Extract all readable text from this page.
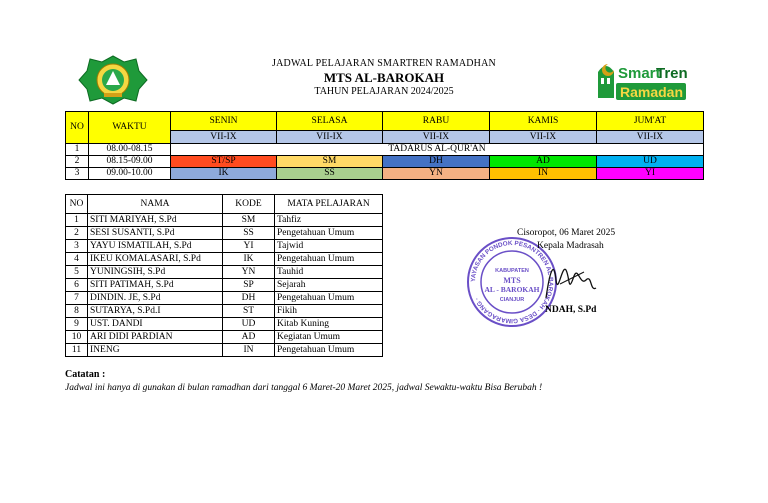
JADWAL PELAJARAN SMARTREN RAMADHAN
MTS AL-BAROKAH
TAHUN PELAJARAN 2024/2025
Smart
Tren
Ramadan
NO	WAKTU	SENIN	SELASA	RABU	KAMIS	JUM'AT
		VII-IX	VII-IX	VII-IX	VII-IX	VII-IX
1	08.00-08.15	TADARUS AL-QUR'AN				
2	08.15-09.00	ST/SP	SM	DH	AD	UD
3	09.00-10.00	IK	SS	YN	IN	YI
NO	NAMA	KODE	MATA PELAJARAN
1	SITI MARIYAH, S.Pd	SM	Tahfiz
2	SESI SUSANTI, S.Pd	SS	Pengetahuan Umum
3	YAYU ISMATILAH, S.Pd	YI	Tajwid
4	IKEU KOMALASARI, S.Pd	IK	Pengetahuan Umum
5	YUNINGSIH, S.Pd	YN	Tauhid
6	SITI PATIMAH, S.Pd	SP	Sejarah
7	DINDIN. JE, S.Pd	DH	Pengetahuan Umum
8	SUTARYA, S.Pd.I	ST	Fikih
9	UST. DANDI	UD	Kitab Kuning
10	ARI DIDI PARDIAN	AD	Kegiatan Umum
11	INENG	IN	Pengetahuan Umum
YAYASAN PONDOK PESANTREN AL-BAROKAH · DESA GIMARAGANG ·
KABUPATEN
MTS
AL - BAROKAH
CIANJUR
Cisoropot, 06 Maret 2025
Kepala Madrasah
NDAH, S.Pd
Catatan :
Jadwal ini hanya di gunakan di bulan ramadhan dari tanggal 6 Maret-20 Maret 2025, jadwal Sewaktu-waktu Bisa Berubah !
